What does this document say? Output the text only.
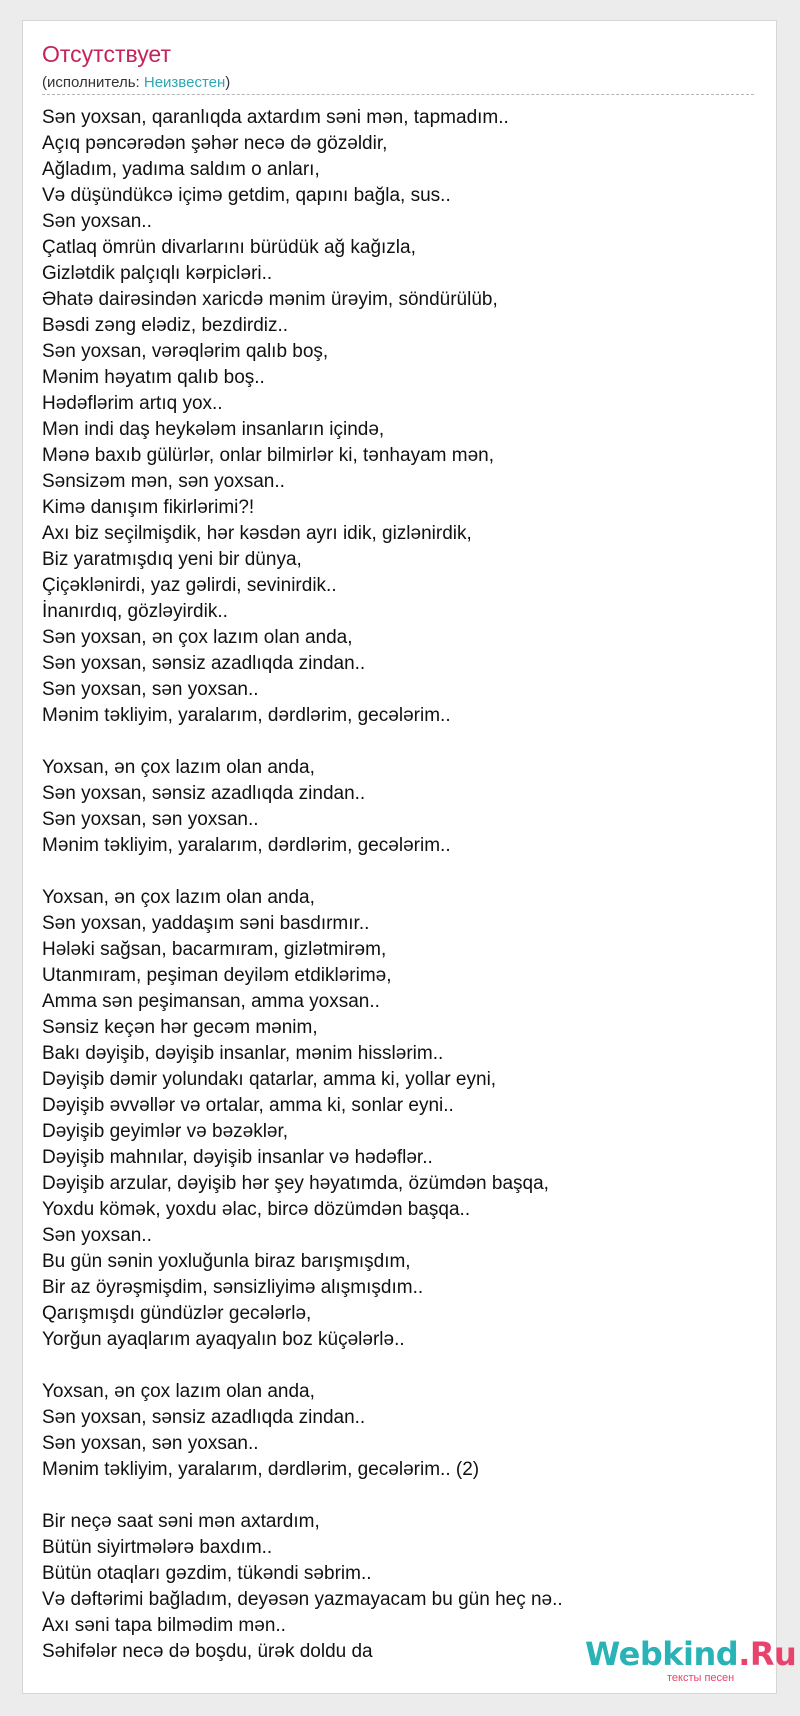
Отсутствует
(исполнитель: Неизвестен)
Sən yoxsan, qaranlıqda axtardım səni mən, tapmadım..
Açıq pəncərədən şəhər necə də gözəldir,
Ağladım, yadıma saldım o anları,
Və düşündükcə içimə getdim, qapını bağla, sus..
Sən yoxsan..
Çatlaq ömrün divarlarını bürüdük ağ kağızla,
Gizlətdik palçıqlı kərpicləri..
Əhatə dairəsindən xaricdə mənim ürəyim, söndürülüb,
Bəsdi zəng elədiz, bezdirdiz..
Sən yoxsan, vərəqlərim qalıb boş,
Mənim həyatım qalıb boş..
Hədəflərim artıq yox..
Mən indi daş heykələm insanların içində,
Mənə baxıb gülürlər, onlar bilmirlər ki, tənhayam mən,
Sənsizəm mən, sən yoxsan..
Kimə danışım fikirlərimi?!
Axı biz seçilmişdik, hər kəsdən ayrı idik, gizlənirdik,
Biz yaratmışdıq yeni bir dünya,
Çiçəklənirdi, yaz gəlirdi, sevinirdik..
İnanırdıq, gözləyirdik..
Sən yoxsan, ən çox lazım olan anda,
Sən yoxsan, sənsiz azadlıqda zindan..
Sən yoxsan, sən yoxsan..
Mənim təkliyim, yaralarım, dərdlərim, gecələrim..
Yoxsan, ən çox lazım olan anda,
Sən yoxsan, sənsiz azadlıqda zindan..
Sən yoxsan, sən yoxsan..
Mənim təkliyim, yaralarım, dərdlərim, gecələrim..
Yoxsan, ən çox lazım olan anda,
Sən yoxsan, yaddaşım səni basdırmır..
Hələki sağsan, bacarmıram, gizlətmirəm,
Utanmıram, peşiman deyiləm etdiklərimə,
Amma sən peşimansan, amma yoxsan..
Sənsiz keçən hər gecəm mənim,
Bakı dəyişib, dəyişib insanlar, mənim hisslərim..
Dəyişib dəmir yolundakı qatarlar, amma ki, yollar eyni,
Dəyişib əvvəllər və ortalar, amma ki, sonlar eyni..
Dəyişib geyimlər və bəzəklər,
Dəyişib mahnılar, dəyişib insanlar və hədəflər..
Dəyişib arzular, dəyişib hər şey həyatımda, özümdən başqa,
Yoxdu kömək, yoxdu əlac, bircə dözümdən başqa..
Sən yoxsan..
Bu gün sənin yoxluğunla biraz barışmışdım,
Bir az öyrəşmişdim, sənsizliyimə alışmışdım..
Qarışmışdı gündüzlər gecələrlə,
Yorğun ayaqlarım ayaqyalın boz küçələrlə..
Yoxsan, ən çox lazım olan anda,
Sən yoxsan, sənsiz azadlıqda zindan..
Sən yoxsan, sən yoxsan..
Mənim təkliyim, yaralarım, dərdlərim, gecələrim.. (2)
Bir neçə saat səni mən axtardım,
Bütün siyirtmələrə baxdım..
Bütün otaqları gəzdim, tükəndi səbrim..
Və dəftərimi bağladım, deyəsən yazmayacam bu gün heç nə..
Axı səni tapa bilmədim mən..
Səhifələr necə də boşdu, ürək doldu da	Webkind.Ru
тексты песен
